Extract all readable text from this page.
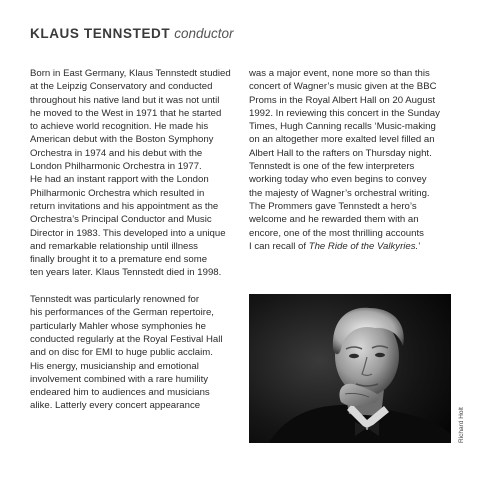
KLAUS TENNSTEDT conductor

Born in East Germany, Klaus Tennstedt studied

at the Leipzig Conservatory and conducted

throughout his native land but it was not until

he moved to the West in 1971 that he started

to achieve world recognition. He made his

American debut with the Boston Symphony

Orchestra in 1974 and his debut with the

London Philharmonic Orchestra in 1977.

He had an instant rapport with the London

Philharmonic Orchestra which resulted in

return invitations and his appointment as the

Orchestra’s Principal Conductor and Music

Director in 1983. This developed into a unique

and remarkable relationship until illness

finally brought it to a premature end some

ten years later. Klaus Tennstedt died in 1998.

Tennstedt was particularly renowned for

his performances of the German repertoire,

particularly Mahler whose symphonies he

conducted regularly at the Royal Festival Hall

and on disc for EMI to huge public acclaim.

His energy, musicianship and emotional

involvement combined with a rare humility

endeared him to audiences and musicians

alike. Latterly every concert appearance

was a major event, none more so than this

concert of Wagner’s music given at the BBC

Proms in the Royal Albert Hall on 20 August

1992. In reviewing this concert in the Sunday

Times, Hugh Canning recalls ‘Music-making

on an altogether more exalted level filled an

Albert Hall to the rafters on Thursday night.

Tennstedt is one of the few interpreters

working today who even begins to convey

the majesty of Wagner’s orchestral writing.

The Prommers gave Tennstedt a hero’s

welcome and he rewarded them with an

encore, one of the most thrilling accounts

I can recall of The Ride of the Valkyries.’

Richard Holt
